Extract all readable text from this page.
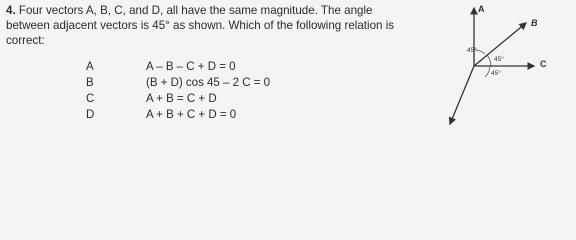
4. Four vectors A, B, C, and D, all have the same magnitude. The angle between adjacent vectors is 45° as shown. Which of the following relation is correct:
A	A – B – C + D = 0
B	(B + D) cos 45 – 2 C = 0
C	A + B = C + D
D	A + B + C + D = 0
A
B
C
45°
45°
45°
